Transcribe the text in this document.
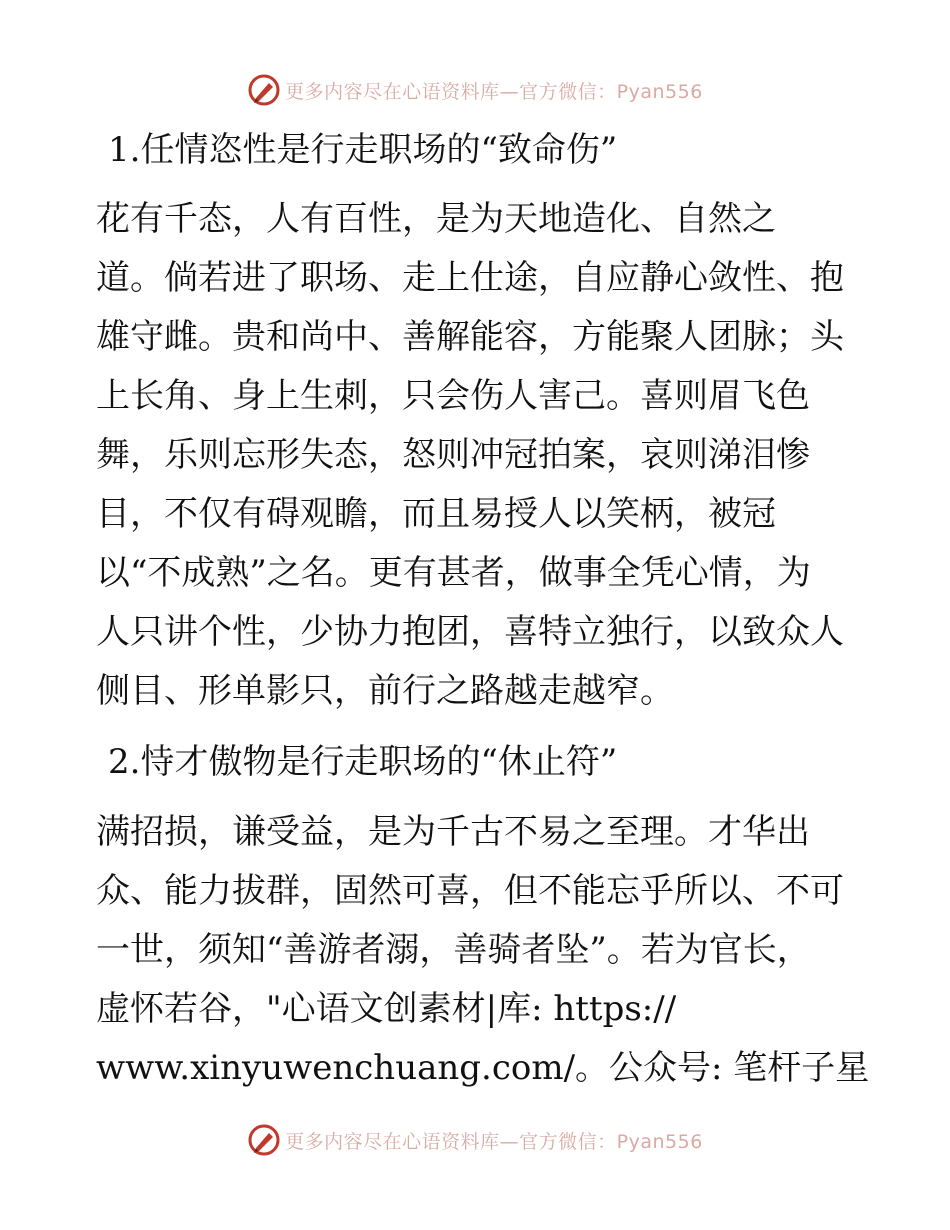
更多内容尽在心语资料库—官方微信：Pyan556
1.任情恣性是行走职场的“致命伤”
花有千态，人有百性，是为天地造化、自然之
道。倘若进了职场、走上仕途，自应静心敛性、抱
雄守雌。贵和尚中、善解能容，方能聚人团脉；头
上长角、身上生刺，只会伤人害己。喜则眉飞色
舞，乐则忘形失态，怒则冲冠拍案，哀则涕泪惨
目，不仅有碍观瞻，而且易授人以笑柄，被冠
以“不成熟”之名。更有甚者，做事全凭心情，为
人只讲个性，少协力抱团，喜特立独行，以致众人
侧目、形单影只，前行之路越走越窄。
2.恃才傲物是行走职场的“休止符”
满招损，谦受益，是为千古不易之至理。才华出
众、能力拔群，固然可喜，但不能忘乎所以、不可
一世，须知“善游者溺，善骑者坠”。若为官长，
虚怀若谷，"心语文创素材|库: https://
www.xinyuwenchuang.com/。公众号: 笔杆子星
更多内容尽在心语资料库—官方微信：Pyan556
